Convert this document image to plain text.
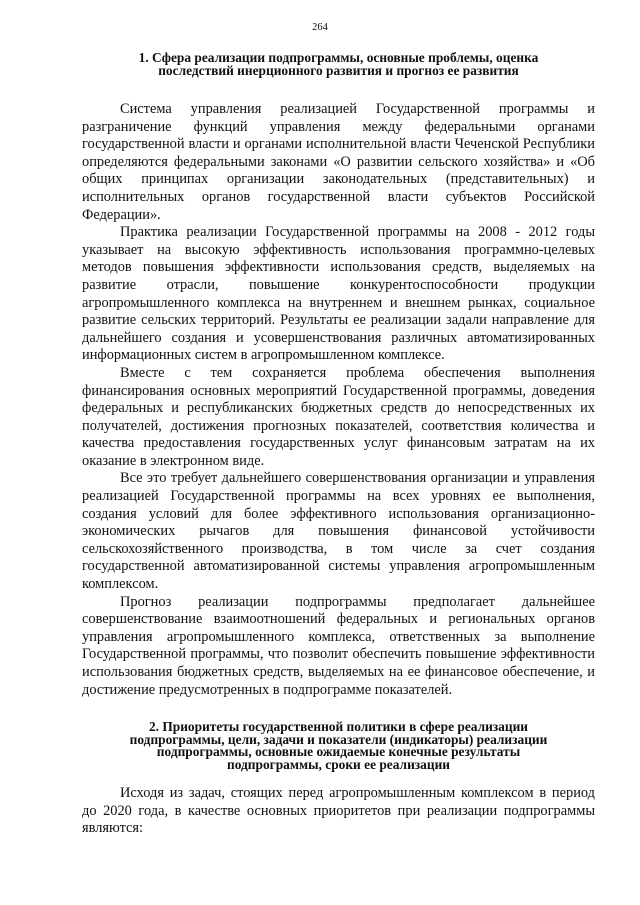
264
1. Сфера реализации подпрограммы, основные проблемы, оценка
последствий инерционного развития и прогноз ее развития

Система управления реализацией Государственной программы и разграничение функций управления между федеральными органами государственной власти и органами исполнительной власти Чеченской Республики определяются федеральными законами «О развитии сельского хозяйства» и «Об общих принципах организации законодательных (представительных) и исполнительных органов государственной власти субъектов Российской Федерации».

Практика реализации Государственной программы на 2008 - 2012 годы указывает на высокую эффективность использования программно-целевых методов повышения эффективности использования средств, выделяемых на развитие отрасли, повышение конкурентоспособности продукции агропромышленного комплекса на внутреннем и внешнем рынках, социальное развитие сельских территорий. Результаты ее реализации задали направление для дальнейшего создания и усовершенствования различных автоматизированных информационных систем в агропромышленном комплексе.

Вместе с тем сохраняется проблема обеспечения выполнения финансирования основных мероприятий Государственной программы, доведения федеральных и республиканских бюджетных средств до непосредственных их получателей, достижения прогнозных показателей, соответствия количества и качества предоставления государственных услуг финансовым затратам на их оказание в электронном виде.

Все это требует дальнейшего совершенствования организации и управления реализацией Государственной программы на всех уровнях ее выполнения, создания условий для более эффективного использования организационно-экономических рычагов для повышения финансовой устойчивости сельскохозяйственного производства, в том числе за счет создания государственной автоматизированной системы управления агропромышленным комплексом.

Прогноз реализации подпрограммы предполагает дальнейшее совершенствование взаимоотношений федеральных и региональных органов управления агропромышленного комплекса, ответственных за выполнение Государственной программы, что позволит обеспечить повышение эффективности использования бюджетных средств, выделяемых на ее финансовое обеспечение, и достижение предусмотренных в подпрограмме показателей.

2. Приоритеты государственной политики в сфере реализации
подпрограммы, цели, задачи и показатели (индикаторы) реализации
подпрограммы, основные ожидаемые конечные результаты
подпрограммы, сроки ее реализации

Исходя из задач, стоящих перед агропромышленным комплексом в период до 2020 года, в качестве основных приоритетов при реализации подпрограммы являются:
